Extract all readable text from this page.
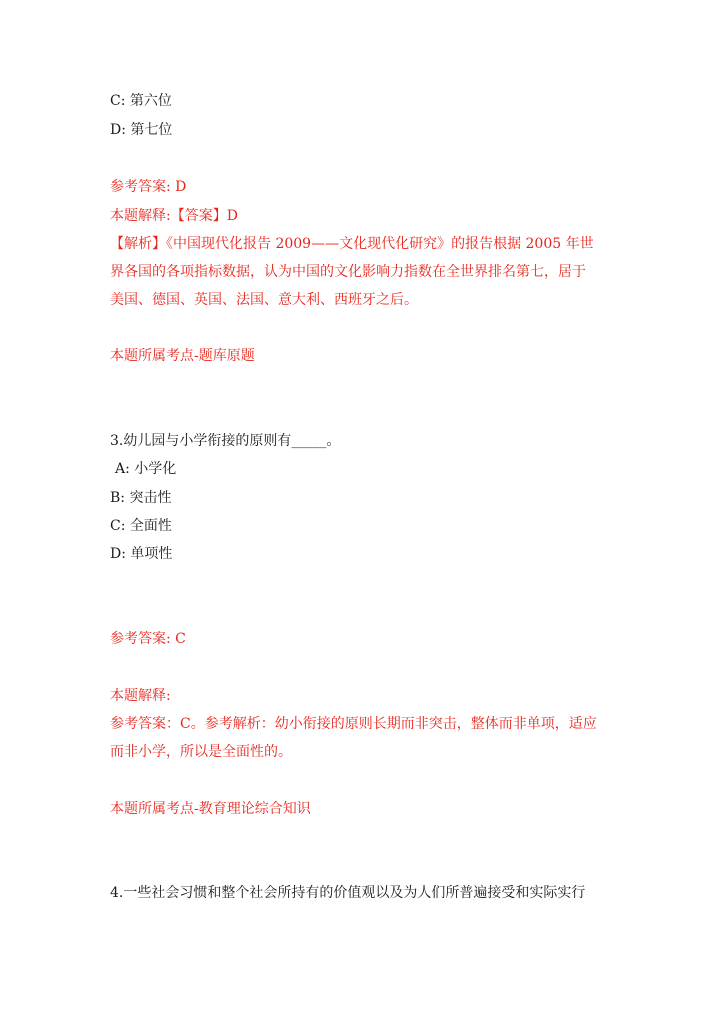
C: 第六位
D: 第七位
参考答案: D
本题解释:【答案】D
【解析】《中国现代化报告 2009——文化现代化研究》的报告根据 2005 年世
界各国的各项指标数据，认为中国的文化影响力指数在全世界排名第七，居于
美国、德国、英国、法国、意大利、西班牙之后。
本题所属考点-题库原题
3.幼儿园与小学衔接的原则有_____。
A: 小学化
B: 突击性
C: 全面性
D: 单项性
参考答案: C
本题解释:
参考答案：C。参考解析：幼小衔接的原则长期而非突击，整体而非单项，适应
而非小学，所以是全面性的。
本题所属考点-教育理论综合知识
4.一些社会习惯和整个社会所持有的价值观以及为人们所普遍接受和实际实行
